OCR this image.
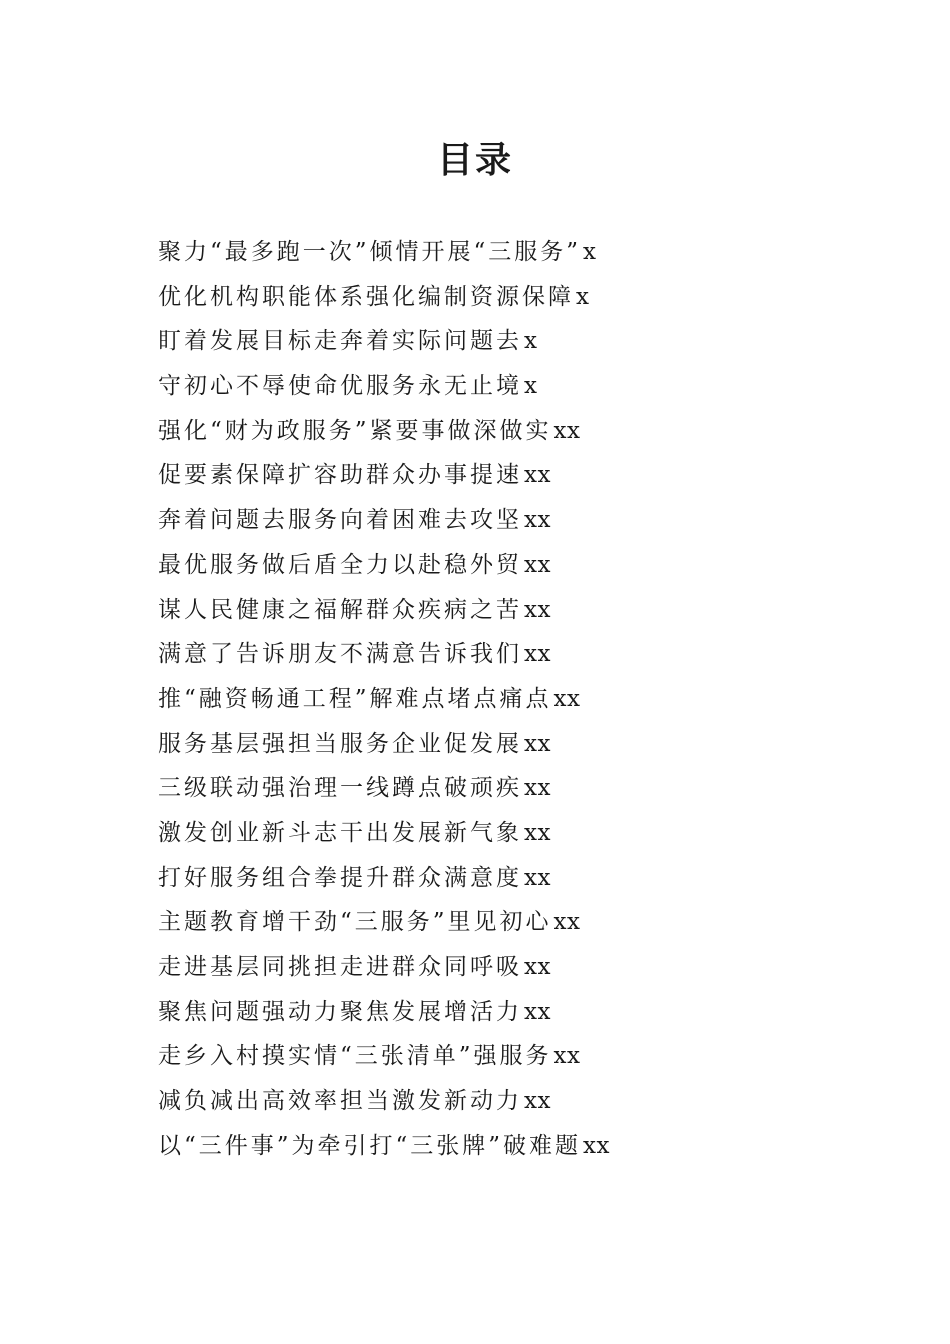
目录
聚力“最多跑一次”倾情开展“三服务”x
优化机构职能体系强化编制资源保障x
盯着发展目标走奔着实际问题去x
守初心不辱使命优服务永无止境x
强化“财为政服务”紧要事做深做实xx
促要素保障扩容助群众办事提速xx
奔着问题去服务向着困难去攻坚xx
最优服务做后盾全力以赴稳外贸xx
谋人民健康之福解群众疾病之苦xx
满意了告诉朋友不满意告诉我们xx
推“融资畅通工程”解难点堵点痛点xx
服务基层强担当服务企业促发展xx
三级联动强治理一线蹲点破顽疾xx
激发创业新斗志干出发展新气象xx
打好服务组合拳提升群众满意度xx
主题教育增干劲“三服务”里见初心xx
走进基层同挑担走进群众同呼吸xx
聚焦问题强动力聚焦发展增活力xx
走乡入村摸实情“三张清单”强服务xx
减负减出高效率担当激发新动力xx
以“三件事”为牵引打“三张牌”破难题xx
